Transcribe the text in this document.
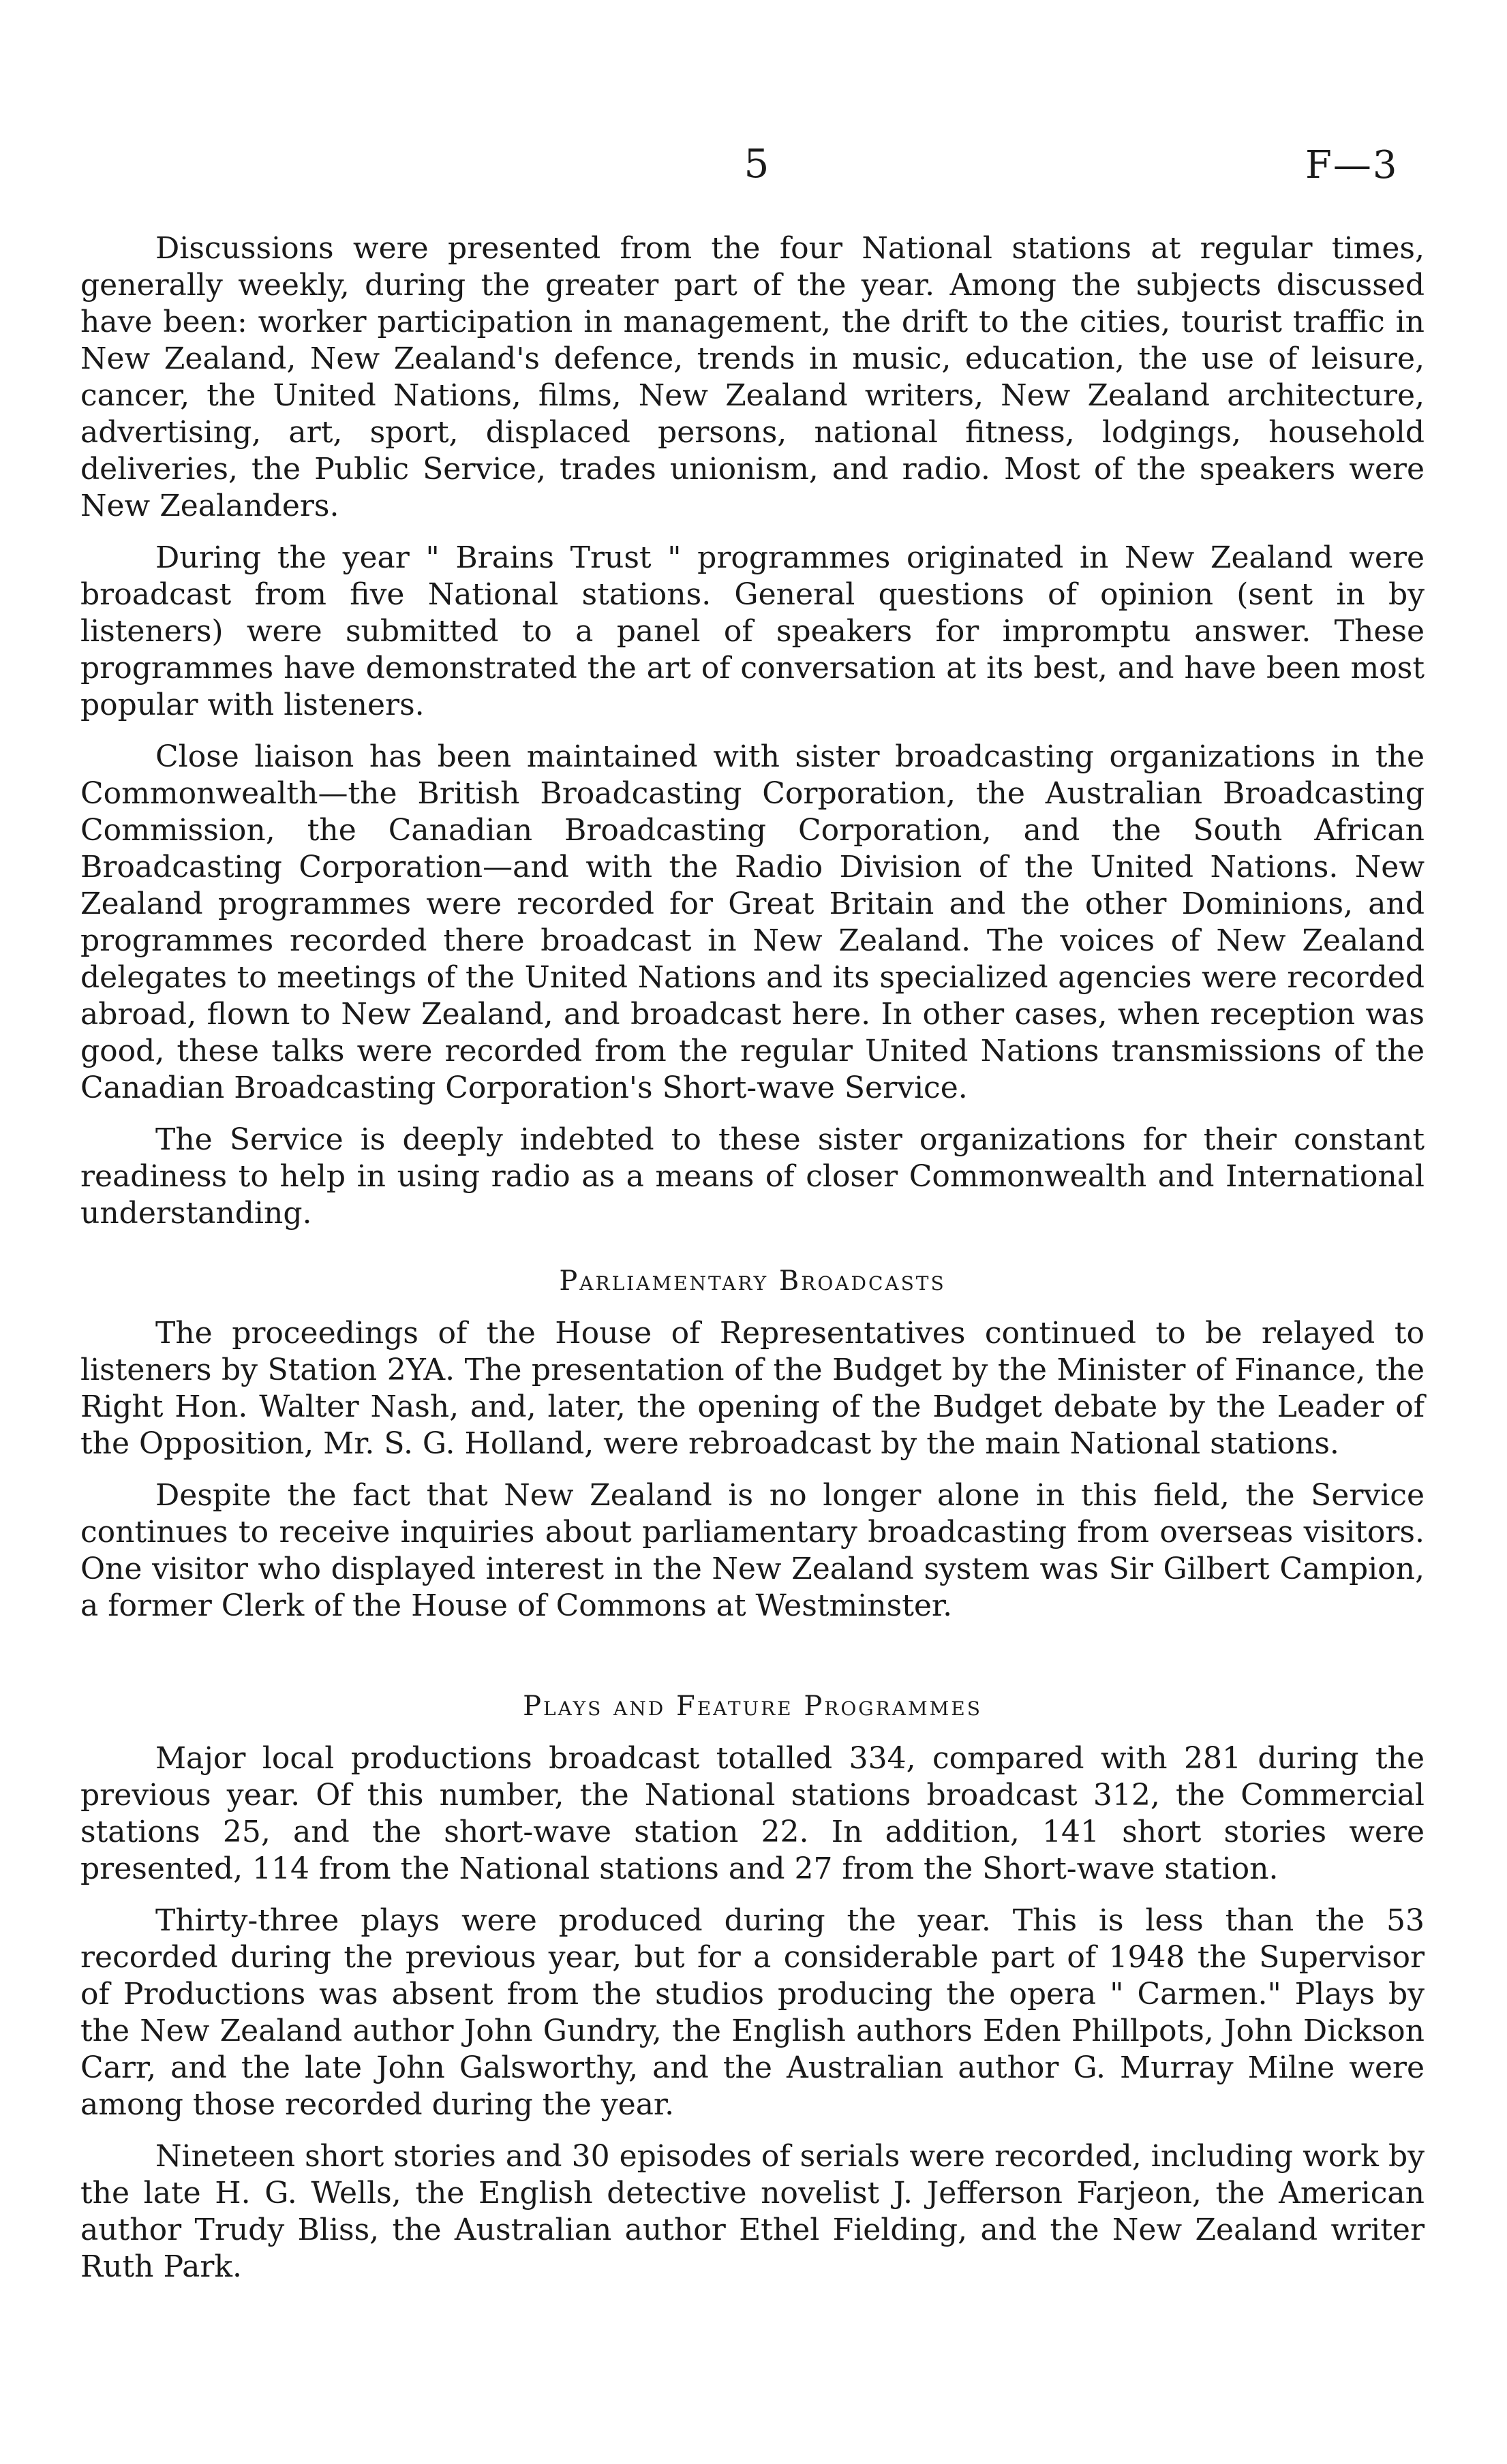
5	F—3

Discussions were presented from the four National stations at regular times, generally weekly, during the greater part of the year. Among the subjects discussed have been: worker participation in management, the drift to the cities, tourist traffic in New Zealand, New Zealand's defence, trends in music, education, the use of leisure, cancer, the United Nations, films, New Zealand writers, New Zealand architecture, advertising, art, sport, displaced persons, national fitness, lodgings, household deliveries, the Public Service, trades unionism, and radio. Most of the speakers were New Zealanders.

During the year " Brains Trust " programmes originated in New Zealand were broadcast from five National stations. General questions of opinion (sent in by listeners) were submitted to a panel of speakers for impromptu answer. These programmes have demonstrated the art of conversation at its best, and have been most popular with listeners.

Close liaison has been maintained with sister broadcasting organizations in the Commonwealth—the British Broadcasting Corporation, the Australian Broadcasting Commission, the Canadian Broadcasting Corporation, and the South African Broadcasting Corporation—and with the Radio Division of the United Nations. New Zealand programmes were recorded for Great Britain and the other Dominions, and programmes recorded there broadcast in New Zealand. The voices of New Zealand delegates to meetings of the United Nations and its specialized agencies were recorded abroad, flown to New Zealand, and broadcast here. In other cases, when reception was good, these talks were recorded from the regular United Nations transmissions of the Canadian Broadcasting Corporation's Short-wave Service.

The Service is deeply indebted to these sister organizations for their constant readiness to help in using radio as a means of closer Commonwealth and International understanding.

Parliamentary Broadcasts

The proceedings of the House of Representatives continued to be relayed to listeners by Station 2YA. The presentation of the Budget by the Minister of Finance, the Right Hon. Walter Nash, and, later, the opening of the Budget debate by the Leader of the Opposition, Mr. S. G. Holland, were rebroadcast by the main National stations.

Despite the fact that New Zealand is no longer alone in this field, the Service continues to receive inquiries about parliamentary broadcasting from overseas visitors. One visitor who displayed interest in the New Zealand system was Sir Gilbert Campion, a former Clerk of the House of Commons at Westminster.

Plays and Feature Programmes

Major local productions broadcast totalled 334, compared with 281 during the previous year. Of this number, the National stations broadcast 312, the Commercial stations 25, and the short-wave station 22. In addition, 141 short stories were presented, 114 from the National stations and 27 from the Short-wave station.

Thirty-three plays were produced during the year. This is less than the 53 recorded during the previous year, but for a considerable part of 1948 the Supervisor of Productions was absent from the studios producing the opera " Carmen." Plays by the New Zealand author John Gundry, the English authors Eden Phillpots, John Dickson Carr, and the late John Galsworthy, and the Australian author G. Murray Milne were among those recorded during the year.

Nineteen short stories and 30 episodes of serials were recorded, including work by the late H. G. Wells, the English detective novelist J. Jefferson Farjeon, the American author Trudy Bliss, the Australian author Ethel Fielding, and the New Zealand writer Ruth Park.
